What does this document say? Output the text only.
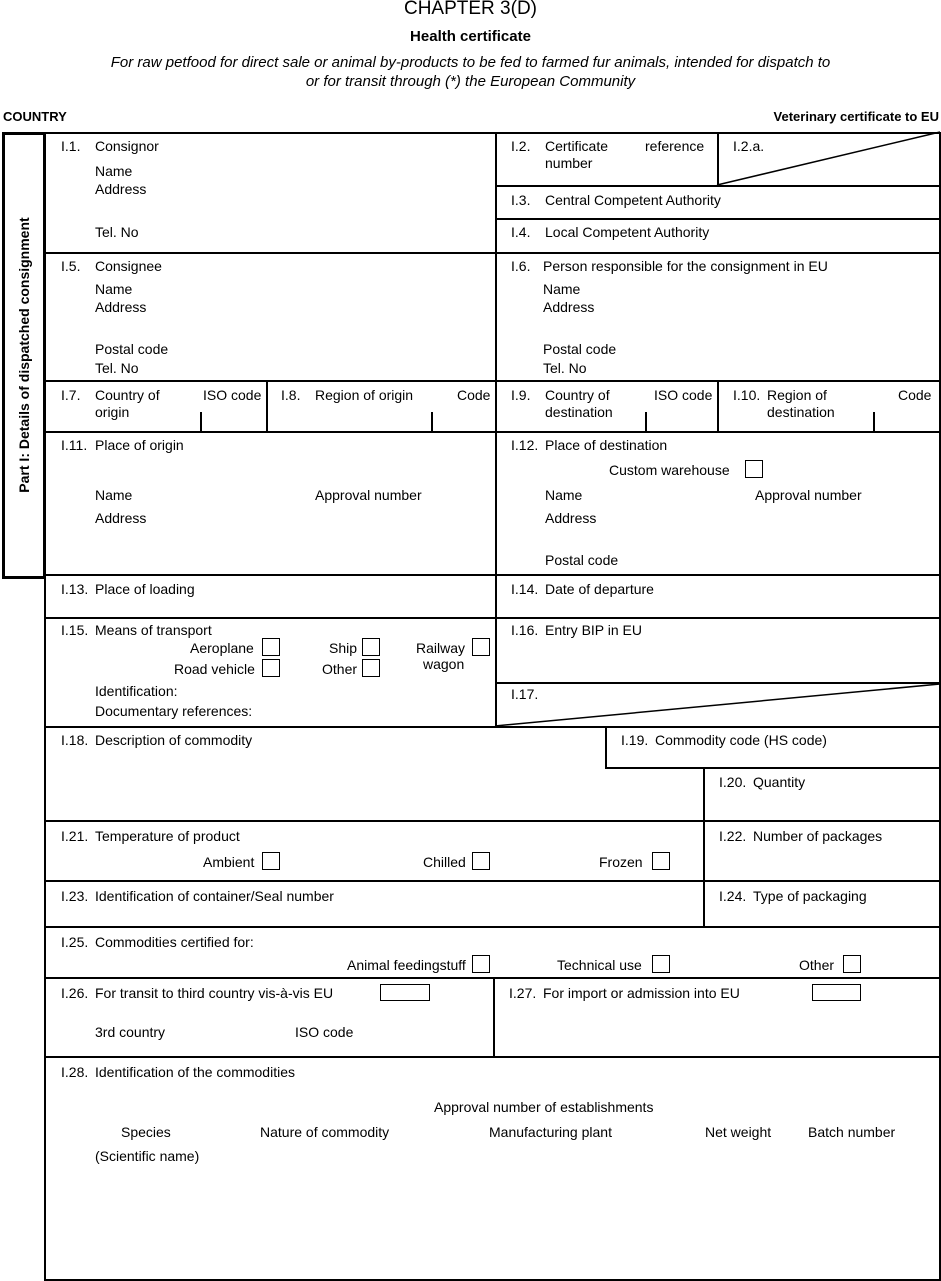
CHAPTER 3(D)
Health certificate
For raw petfood for direct sale or animal by-products to be fed to farmed fur animals, intended for dispatch to
or for transit through (*) the European Community
COUNTRY	Veterinary certificate to EU
Part I: Details of dispatched consignment
I.1. Consignor
Name
Address
Tel. No
I.2. Certificate	reference
number
I.2.a.
I.3. Central Competent Authority
I.4. Local Competent Authority
I.5. Consignee
Name
Address
Postal code
Tel. No
I.6. Person responsible for the consignment in EU
Name
Address
Postal code
Tel. No
I.7. Country of
origin
ISO code I.8. Region of origin	Code I.9. Country of
destination
ISO code I.10. Region of
destination
Code
I.11. Place of origin
Name	Approval number
Address
I.12. Place of destination
Custom warehouse
Name	Approval number
Address
Postal code
I.13. Place of loading	I.14. Date of departure
I.15. Means of transport
Aeroplane	Ship	Railway
wagon
Road vehicle	Other
Identification:
Documentary references:
I.16. Entry BIP in EU
I.17.
I.18. Description of commodity	I.19. Commodity code (HS code)
I.20. Quantity
I.21. Temperature of product
Ambient	Chilled	Frozen
I.22. Number of packages
I.23. Identification of container/Seal number	I.24. Type of packaging
I.25. Commodities certified for:
Animal feedingstuff	Technical use	Other
I.26. For transit to third country vis-à-vis EU
3rd country	ISO code
I.27. For import or admission into EU
I.28. Identification of the commodities
Approval number of establishments
Species	Nature of commodity	Manufacturing plant	Net weight	Batch number
(Scientific name)
